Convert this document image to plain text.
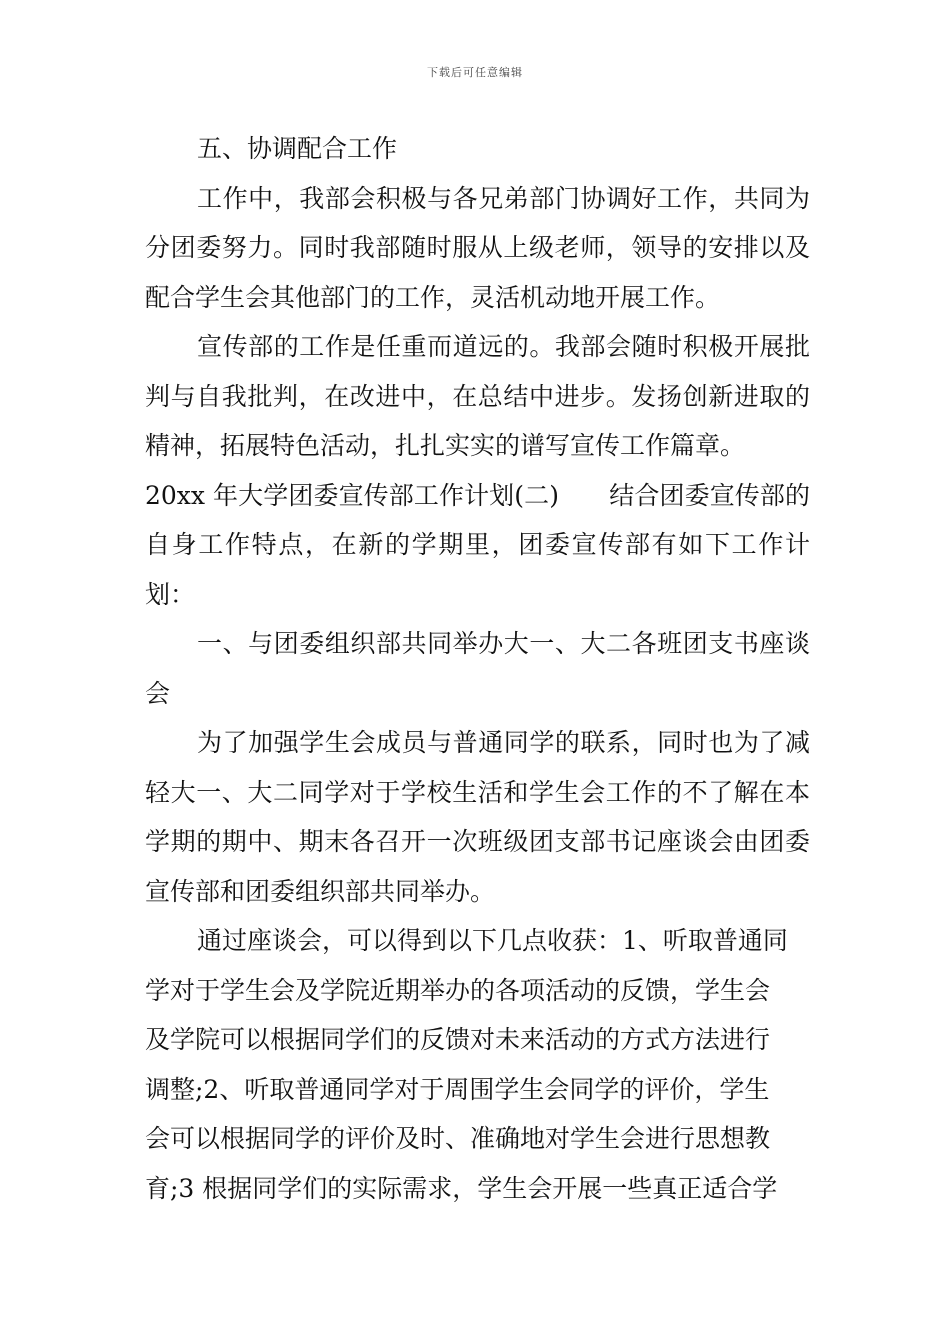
下载后可任意编辑

五、协调配合工作

工作中，我部会积极与各兄弟部门协调好工作，共同为分团委努力。同时我部随时服从上级老师，领导的安排以及配合学生会其他部门的工作，灵活机动地开展工作。

宣传部的工作是任重而道远的。我部会随时积极开展批判与自我批判，在改进中，在总结中进步。发扬创新进取的精神，拓展特色活动，扎扎实实的谱写宣传工作篇章。

20xx 年大学团委宣传部工作计划(二)　　结合团委宣传部的自身工作特点，在新的学期里，团委宣传部有如下工作计划：

一、与团委组织部共同举办大一、大二各班团支书座谈会

为了加强学生会成员与普通同学的联系，同时也为了减轻大一、大二同学对于学校生活和学生会工作的不了解在本学期的期中、期末各召开一次班级团支部书记座谈会由团委宣传部和团委组织部共同举办。

通过座谈会，可以得到以下几点收获：1、听取普通同

学对于学生会及学院近期举办的各项活动的反馈，学生会

及学院可以根据同学们的反馈对未来活动的方式方法进行

调整;2、听取普通同学对于周围学生会同学的评价，学生

会可以根据同学的评价及时、准确地对学生会进行思想教

育;3 根据同学们的实际需求，学生会开展一些真正适合学
